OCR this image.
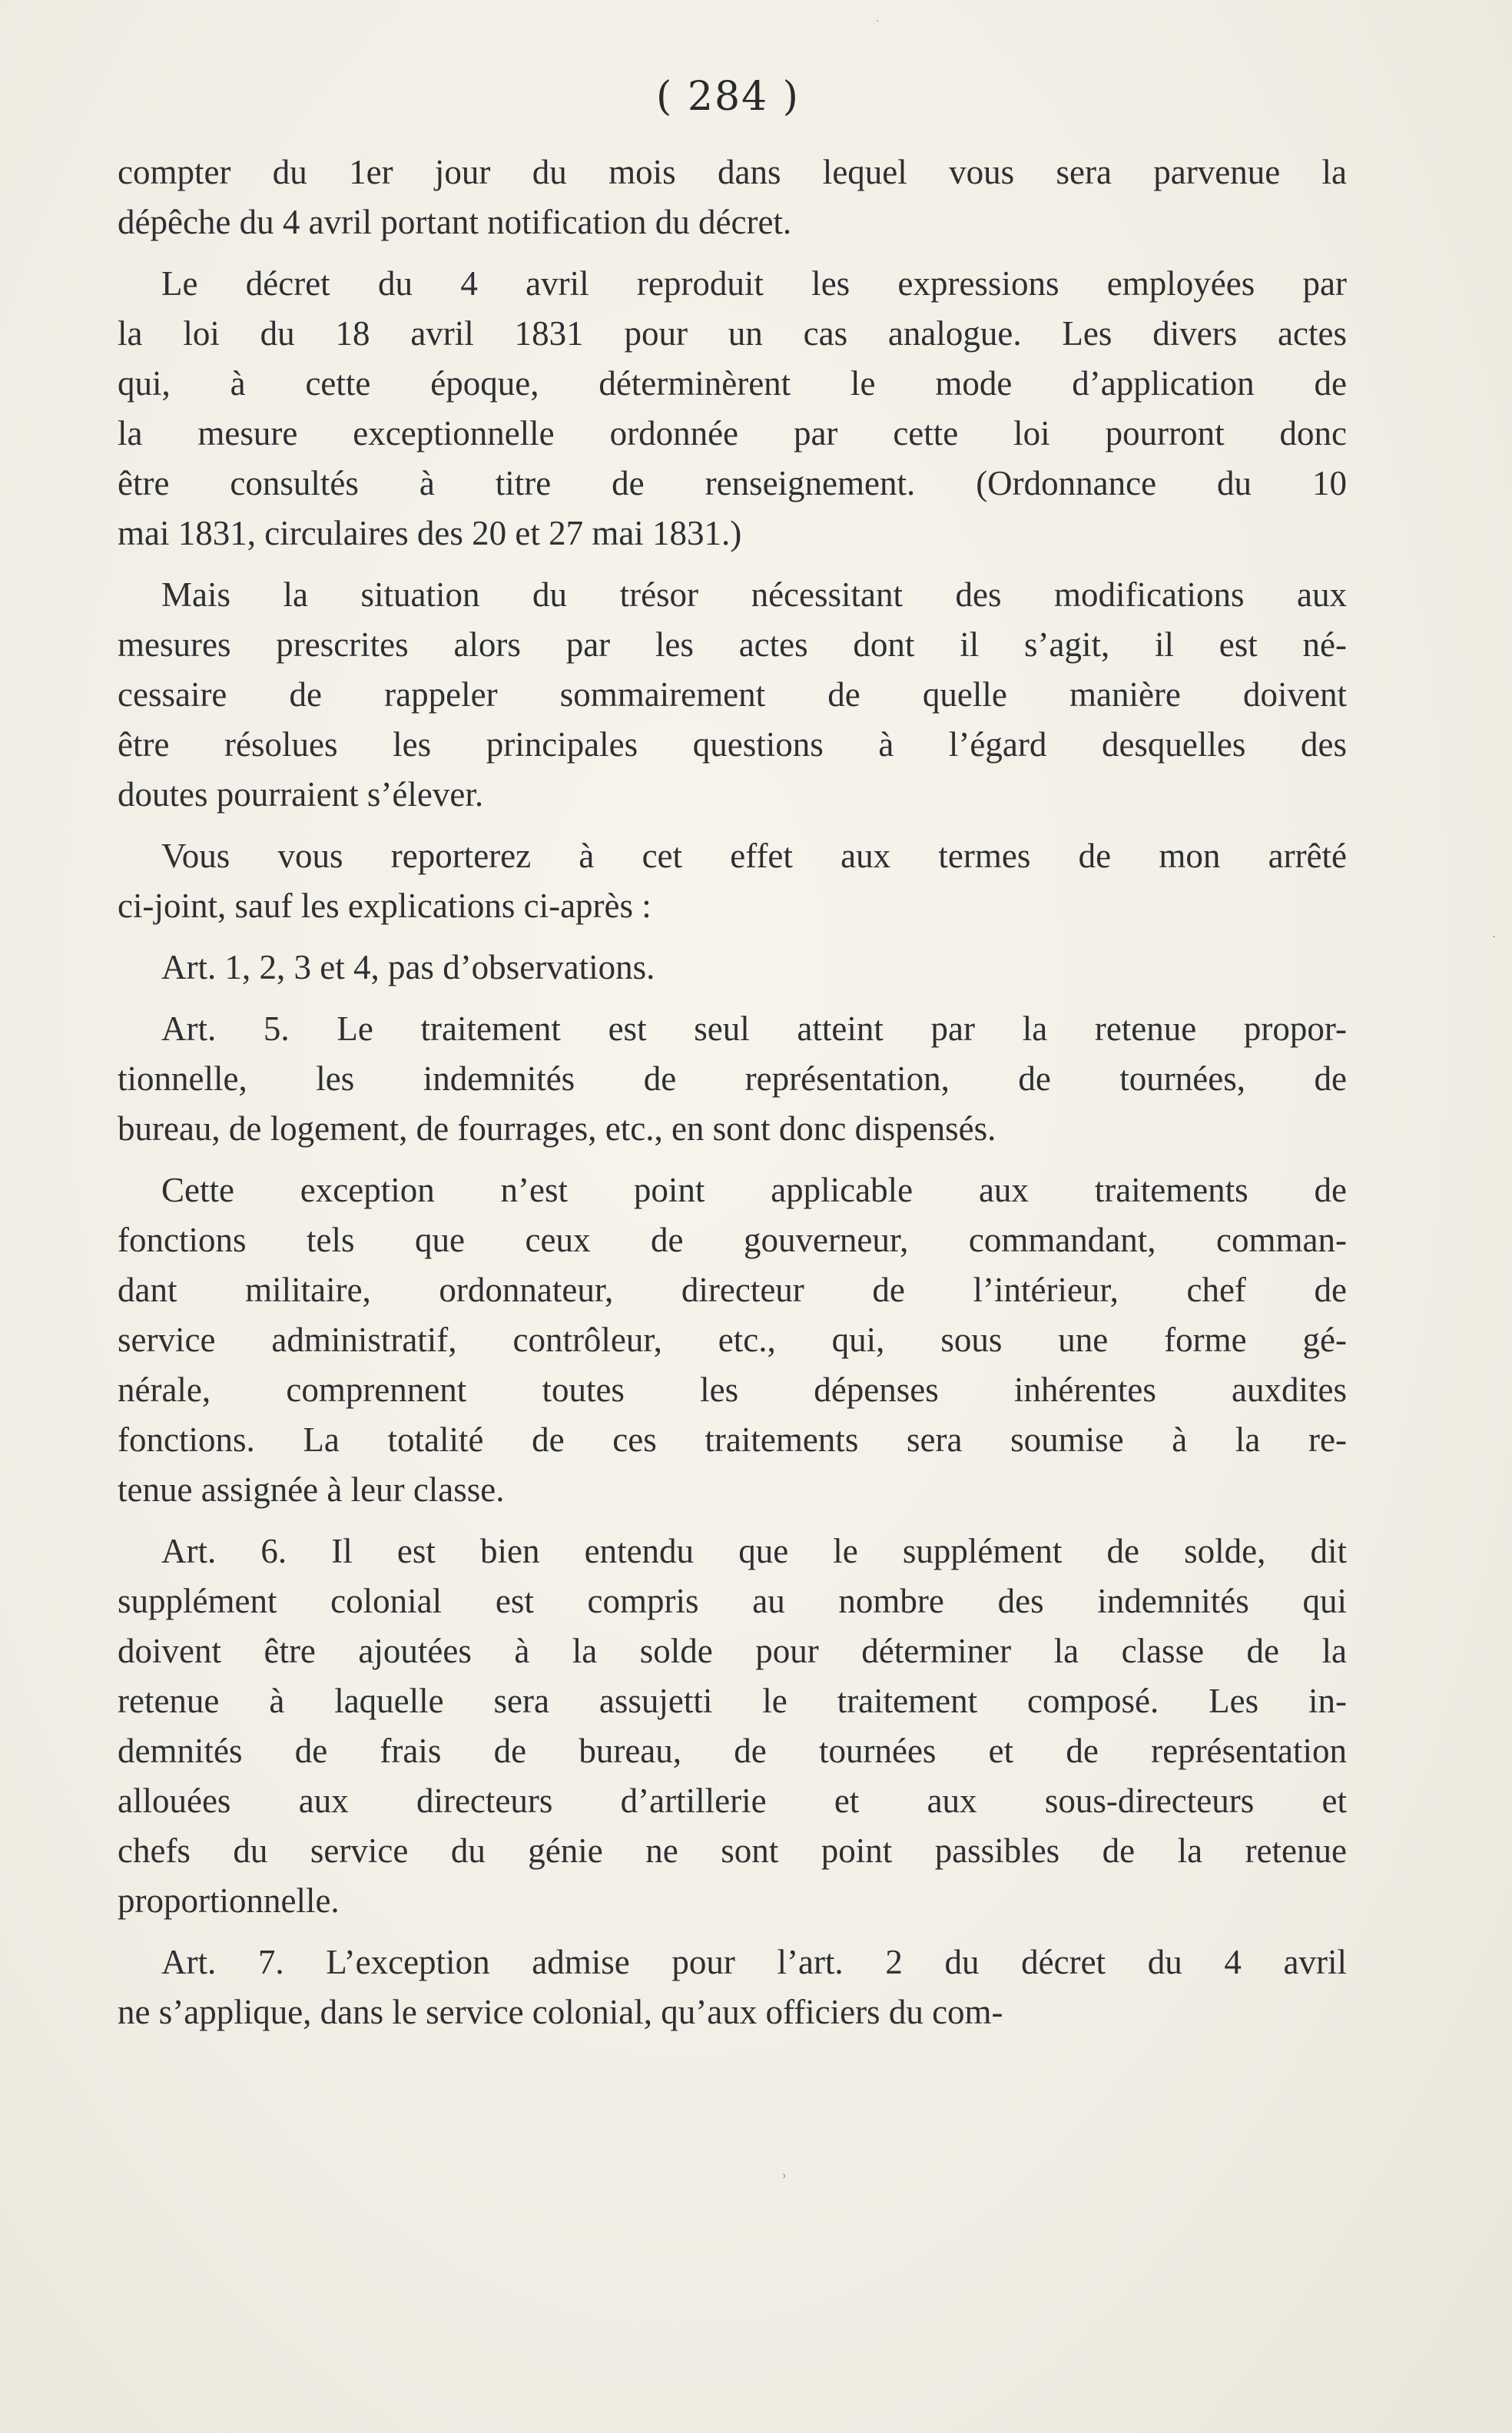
( 284 )
compter du 1er jour du mois dans lequel vous sera parvenue la
dépêche du 4 avril portant notification du décret.
Le décret du 4 avril reproduit les expressions employées par
la loi du 18 avril 1831 pour un cas analogue. Les divers actes
qui, à cette époque, déterminèrent le mode d’application de
la mesure exceptionnelle ordonnée par cette loi pourront donc
être consultés à titre de renseignement. (Ordonnance du 10
mai 1831, circulaires des 20 et 27 mai 1831.)
Mais la situation du trésor nécessitant des modifications aux
mesures prescrites alors par les actes dont il s’agit, il est né-
cessaire de rappeler sommairement de quelle manière doivent
être résolues les principales questions à l’égard desquelles des
doutes pourraient s’élever.
Vous vous reporterez à cet effet aux termes de mon arrêté
ci-joint, sauf les explications ci-après :
Art. 1, 2, 3 et 4, pas d’observations.
Art. 5. Le traitement est seul atteint par la retenue propor-
tionnelle, les indemnités de représentation, de tournées, de
bureau, de logement, de fourrages, etc., en sont donc dispensés.
Cette exception n’est point applicable aux traitements de
fonctions tels que ceux de gouverneur, commandant, comman-
dant militaire, ordonnateur, directeur de l’intérieur, chef de
service administratif, contrôleur, etc., qui, sous une forme gé-
nérale, comprennent toutes les dépenses inhérentes auxdites
fonctions. La totalité de ces traitements sera soumise à la re-
tenue assignée à leur classe.
Art. 6. Il est bien entendu que le supplément de solde, dit
supplément colonial est compris au nombre des indemnités qui
doivent être ajoutées à la solde pour déterminer la classe de la
retenue à laquelle sera assujetti le traitement composé. Les in-
demnités de frais de bureau, de tournées et de représentation
allouées aux directeurs d’artillerie et aux sous-directeurs et
chefs du service du génie ne sont point passibles de la retenue
proportionnelle.
Art. 7. L’exception admise pour l’art. 2 du décret du 4 avril
ne s’applique, dans le service colonial, qu’aux officiers du com-
·
˒
˙
